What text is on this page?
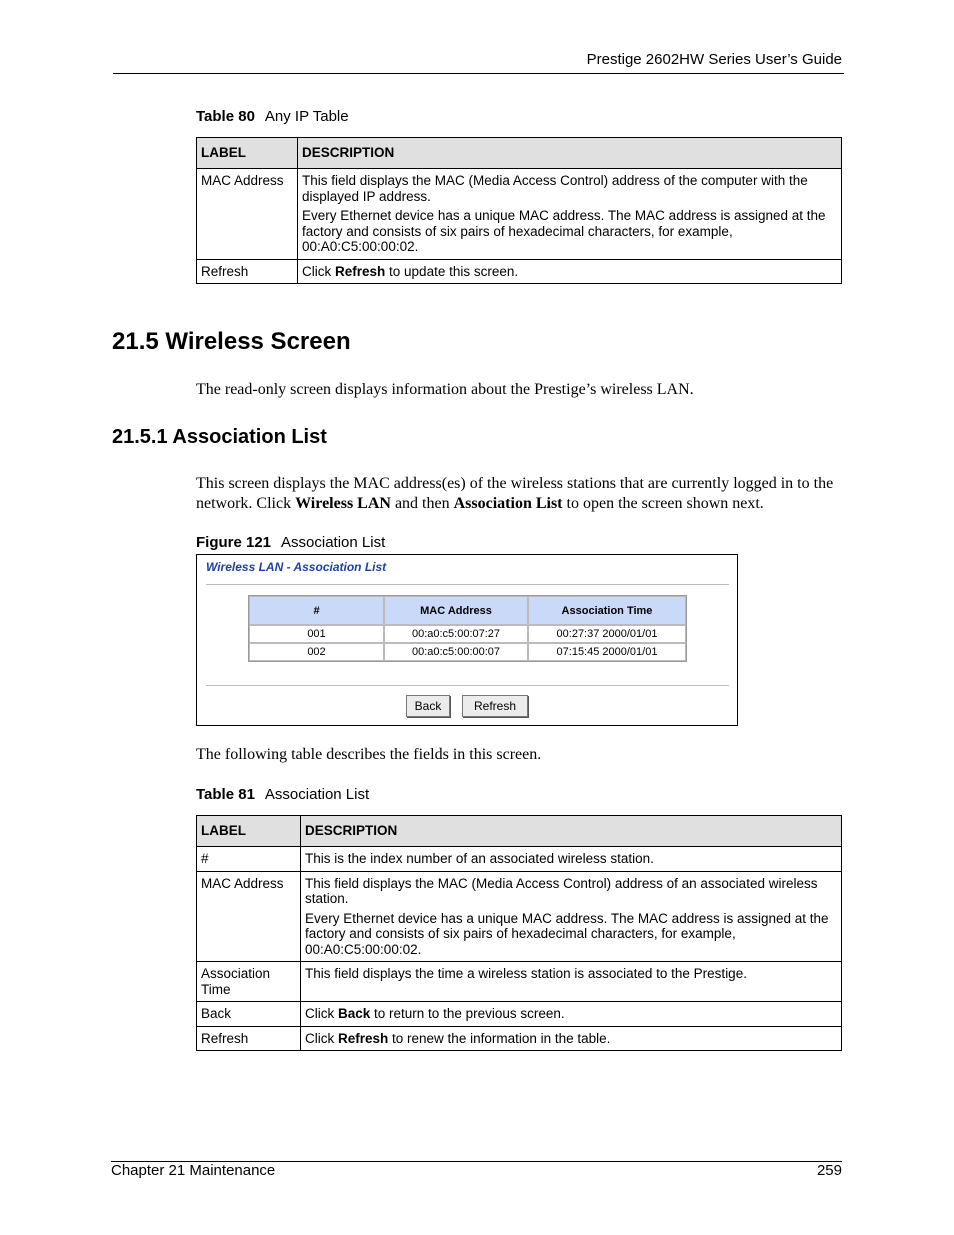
Prestige 2602HW Series User’s Guide
Table 80 Any IP Table
LABEL	DESCRIPTION
MAC Address	This field displays the MAC (Media Access Control) address of the computer with the displayed IP address.

Every Ethernet device has a unique MAC address. The MAC address is assigned at the factory and consists of six pairs of hexadecimal characters, for example, 00:A0:C5:00:00:02.

Refresh	Click Refresh to update this screen.
21.5 Wireless Screen
The read-only screen displays information about the Prestige’s wireless LAN.
21.5.1 Association List
This screen displays the MAC address(es) of the wireless stations that are currently logged in to the network. Click Wireless LAN and then Association List to open the screen shown next.
Figure 121 Association List
Wireless LAN - Association List
#	MAC Address	Association Time
001	00:a0:c5:00:07:27	00:27:37 2000/01/01
002	00:a0:c5:00:00:07	07:15:45 2000/01/01
Back	Refresh
The following table describes the fields in this screen.
Table 81 Association List
LABEL	DESCRIPTION
#	This is the index number of an associated wireless station.
MAC Address	This field displays the MAC (Media Access Control) address of an associated wireless station.

Every Ethernet device has a unique MAC address. The MAC address is assigned at the factory and consists of six pairs of hexadecimal characters, for example, 00:A0:C5:00:00:02.

Association Time	This field displays the time a wireless station is associated to the Prestige.
Back	Click Back to return to the previous screen.
Refresh	Click Refresh to renew the information in the table.
Chapter 21 Maintenance	259
